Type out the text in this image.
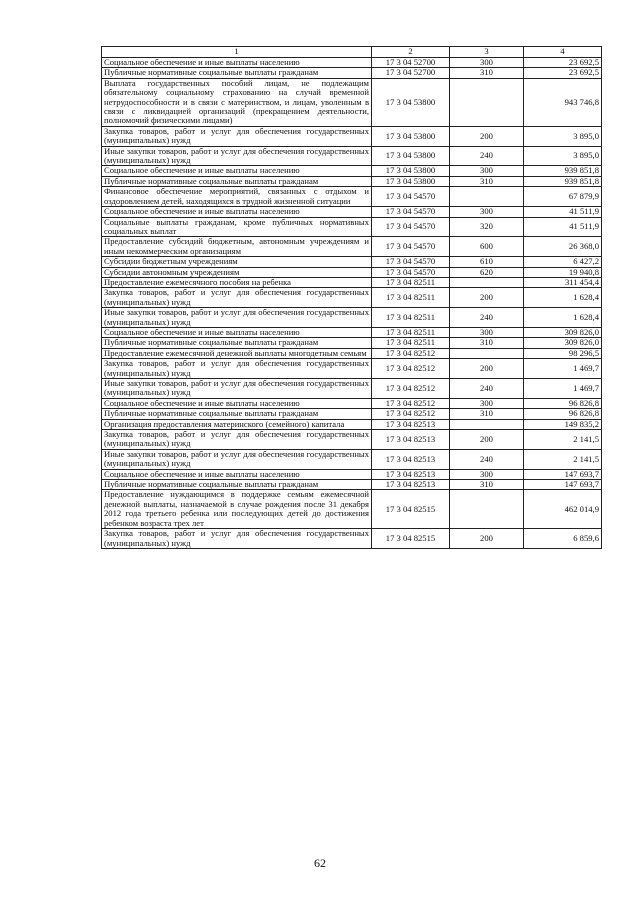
1	2	3	4
Социальное обеспечение и иные выплаты населению	17 3 04 52700	300	23 692,5
Публичные нормативные социальные выплаты гражданам	17 3 04 52700	310	23 692,5
Выплата государственных пособий лицам, не подлежащим обязательному социальному страхованию на случай временной нетрудоспособности и в связи с материнством, и лицам, уволенным в связи с ликвидацией организаций (прекращением деятельности, полномочий физическими лицами)	17 3 04 53800		943 746,8
Закупка товаров, работ и услуг для обеспечения государственных (муниципальных) нужд	17 3 04 53800	200	3 895,0
Иные закупки товаров, работ и услуг для обеспечения государственных (муниципальных) нужд	17 3 04 53800	240	3 895,0
Социальное обеспечение и иные выплаты населению	17 3 04 53800	300	939 851,8
Публичные нормативные социальные выплаты гражданам	17 3 04 53800	310	939 851,8
Финансовое обеспечение мероприятий, связанных с отдыхом и оздоровлением детей, находящихся в трудной жизненной ситуации	17 3 04 54570		67 879,9
Социальное обеспечение и иные выплаты населению	17 3 04 54570	300	41 511,9
Социальные выплаты гражданам, кроме публичных нормативных социальных выплат	17 3 04 54570	320	41 511,9
Предоставление субсидий бюджетным, автономным учреждениям и иным некоммерческим организациям	17 3 04 54570	600	26 368,0
Субсидии бюджетным учреждениям	17 3 04 54570	610	6 427,2
Субсидии автономным учреждениям	17 3 04 54570	620	19 940,8
Предоставление ежемесячного пособия на ребенка	17 3 04 82511		311 454,4
Закупка товаров, работ и услуг для обеспечения государственных (муниципальных) нужд	17 3 04 82511	200	1 628,4
Иные закупки товаров, работ и услуг для обеспечения государственных (муниципальных) нужд	17 3 04 82511	240	1 628,4
Социальное обеспечение и иные выплаты населению	17 3 04 82511	300	309 826,0
Публичные нормативные социальные выплаты гражданам	17 3 04 82511	310	309 826,0
Предоставление ежемесячной денежной выплаты многодетным семьям	17 3 04 82512		98 296,5
Закупка товаров, работ и услуг для обеспечения государственных (муниципальных) нужд	17 3 04 82512	200	1 469,7
Иные закупки товаров, работ и услуг для обеспечения государственных (муниципальных) нужд	17 3 04 82512	240	1 469,7
Социальное обеспечение и иные выплаты населению	17 3 04 82512	300	96 826,8
Публичные нормативные социальные выплаты гражданам	17 3 04 82512	310	96 826,8
Организация предоставления материнского (семейного) капитала	17 3 04 82513		149 835,2
Закупка товаров, работ и услуг для обеспечения государственных (муниципальных) нужд	17 3 04 82513	200	2 141,5
Иные закупки товаров, работ и услуг для обеспечения государственных (муниципальных) нужд	17 3 04 82513	240	2 141,5
Социальное обеспечение и иные выплаты населению	17 3 04 82513	300	147 693,7
Публичные нормативные социальные выплаты гражданам	17 3 04 82513	310	147 693,7
Предоставление нуждающимся в поддержке семьям ежемесячной денежной выплаты, назначаемой в случае рождения после 31 декабря 2012 года третьего ребенка или последующих детей до достижения ребенком возраста трех лет	17 3 04 82515		462 014,9
Закупка товаров, работ и услуг для обеспечения государственных (муниципальных) нужд	17 3 04 82515	200	6 859,6
62
